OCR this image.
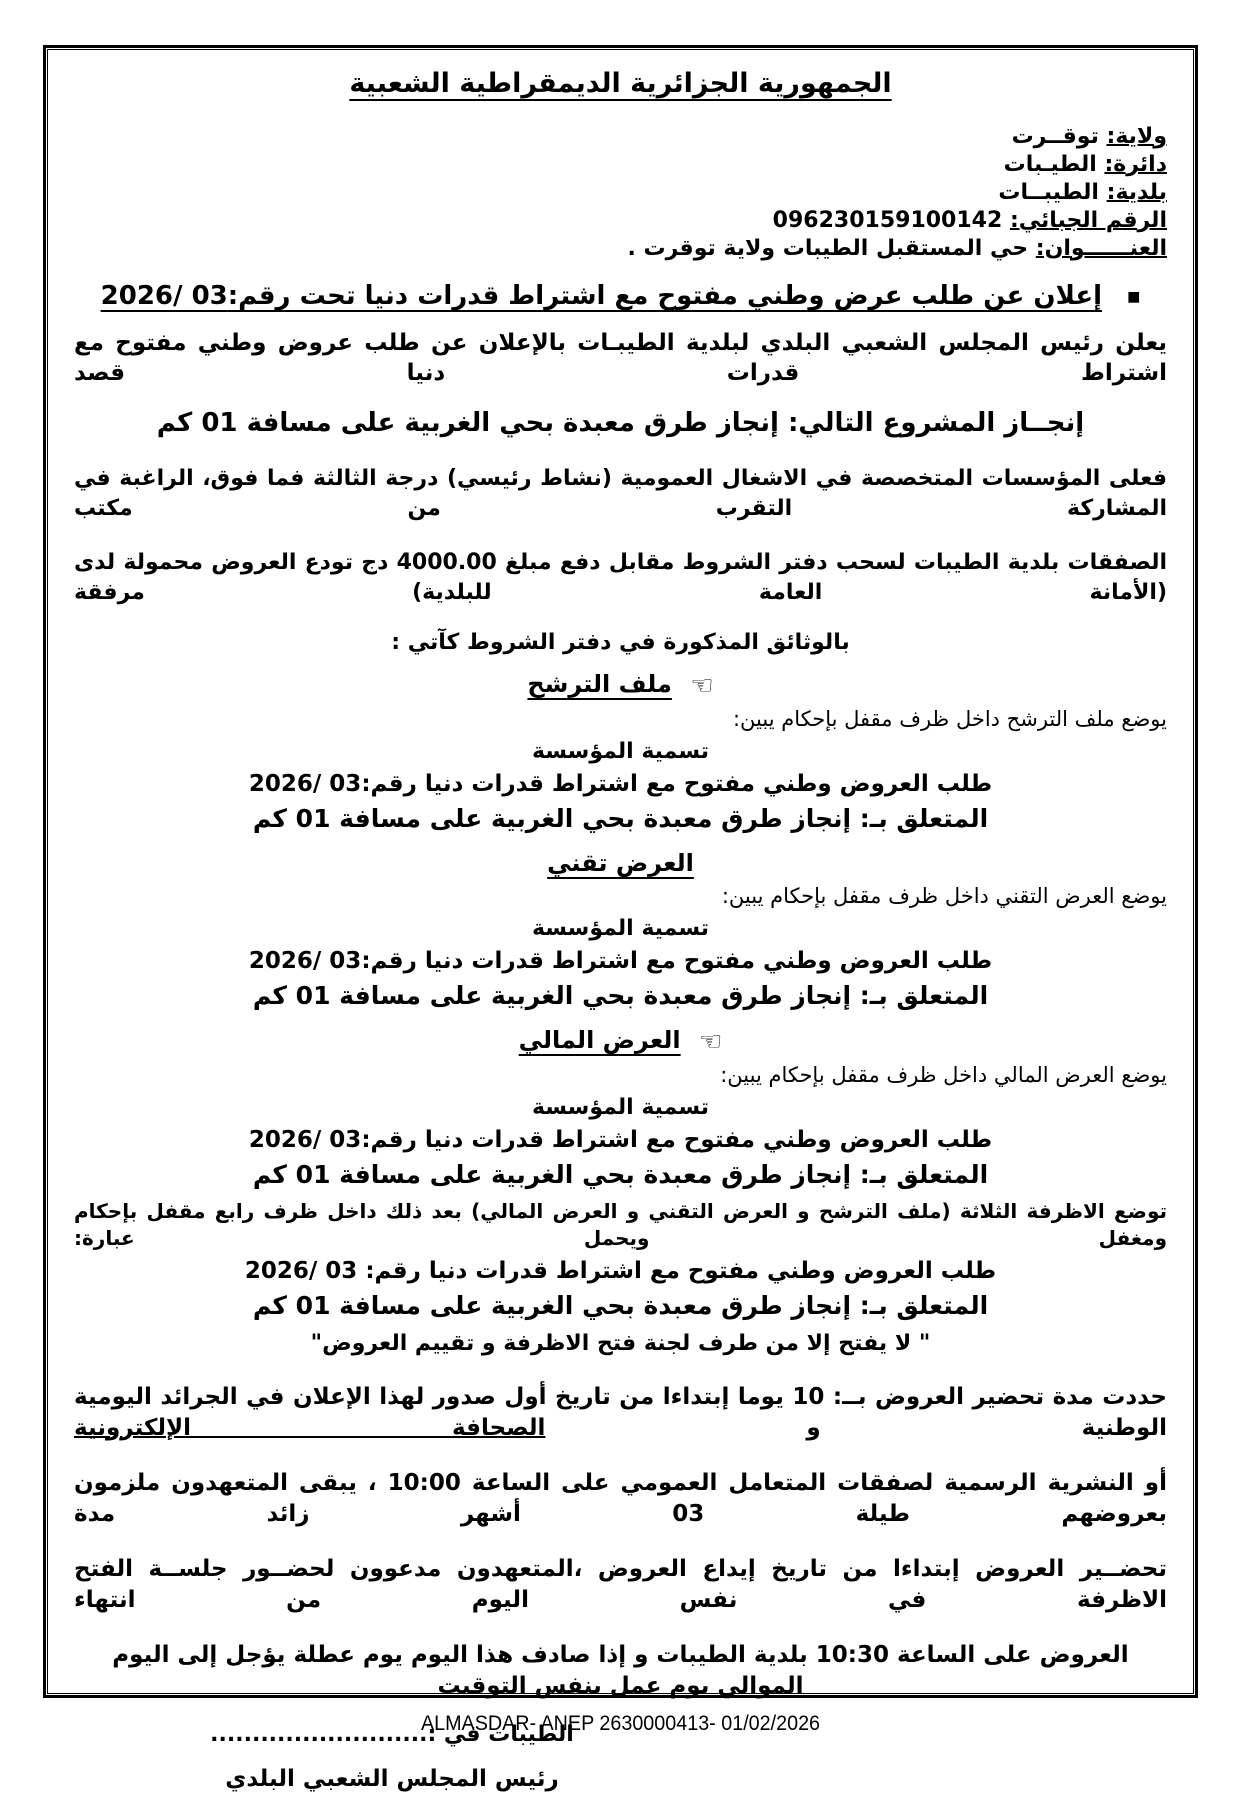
الجمهورية الجزائرية الديمقراطية الشعبية
ولاية: توقــرت
دائرة: الطيـبات
بلدية: الطيبــات
الرقم الجبائي: 096230159100142
العنــــــوان: حي المستقبل الطيبات ولاية توقرت .
■ إعلان عن طلب عرض وطني مفتوح مع اشتراط قدرات دنيا تحت رقم:2026/ 03
يعلن رئيس المجلس الشعبي البلدي لبلدية الطيبـات بالإعلان عن طلب عروض وطني مفتوح مع اشتراط قدرات دنيا قصد
إنجــاز المشروع التالي: إنجاز طرق معبدة بحي الغربية على مسافة 01 كم
فعلى المؤسسات المتخصصة في الاشغال العمومية (نشاط رئيسي) درجة الثالثة فما فوق، الراغبة في المشاركة التقرب من مكتب
الصفقات بلدية الطيبات لسحب دفتر الشروط مقابل دفع مبلغ 4000.00 دج تودع العروض محمولة لدى (الأمانة العامة للبلدية) مرفقة
بالوثائق المذكورة في دفتر الشروط كآتي :
☜ ملف الترشح
يوضع ملف الترشح داخل ظرف مقفل بإحكام يبين:
تسمية المؤسسة
طلب العروض وطني مفتوح مع اشتراط قدرات دنيا رقم:2026/ 03
المتعلق بـ: إنجاز طرق معبدة بحي الغربية على مسافة 01 كم
العرض تقني
يوضع العرض التقني داخل ظرف مقفل بإحكام يبين:
تسمية المؤسسة
طلب العروض وطني مفتوح مع اشتراط قدرات دنيا رقم:2026/ 03
المتعلق بـ: إنجاز طرق معبدة بحي الغربية على مسافة 01 كم
☜ العرض المالي
يوضع العرض المالي داخل ظرف مقفل بإحكام يبين:
تسمية المؤسسة
طلب العروض وطني مفتوح مع اشتراط قدرات دنيا رقم:2026/ 03
المتعلق بـ: إنجاز طرق معبدة بحي الغربية على مسافة 01 كم
توضع الاظرفة الثلاثة (ملف الترشح و العرض التقني و العرض المالي) بعد ذلك داخل ظرف رابع مقفل بإحكام ومغفل ويحمل عبارة:
طلب العروض وطني مفتوح مع اشتراط قدرات دنيا رقم: 2026/ 03
المتعلق بـ: إنجاز طرق معبدة بحي الغربية على مسافة 01 كم
" لا يفتح إلا من طرف لجنة فتح الاظرفة و تقييم العروض"
حددت مدة تحضير العروض بــ: 10 يوما إبتداءا من تاريخ أول صدور لهذا الإعلان في الجرائد اليومية الوطنية و الصحافة الإلكترونية
أو النشرية الرسمية لصفقات المتعامل العمومي على الساعة 10:00 ، يبقى المتعهدون ملزمون بعروضهم طيلة 03 أشهر زائد مدة
تحضــير العروض إبتداءا من تاريخ إيداع العروض ،المتعهدون مدعوون لحضــور جلســة الفتح الاظرفة في نفس اليوم من انتهاء
العروض على الساعة 10:30 بلدية الطيبات و إذا صادف هذا اليوم يوم عطلة يؤجل إلى اليوم الموالي يوم عمل بنفس التوقيت
الطيبات في :..........................
رئيس المجلس الشعبي البلدي
ALMASDAR- ANEP 2630000413- 01/02/2026
